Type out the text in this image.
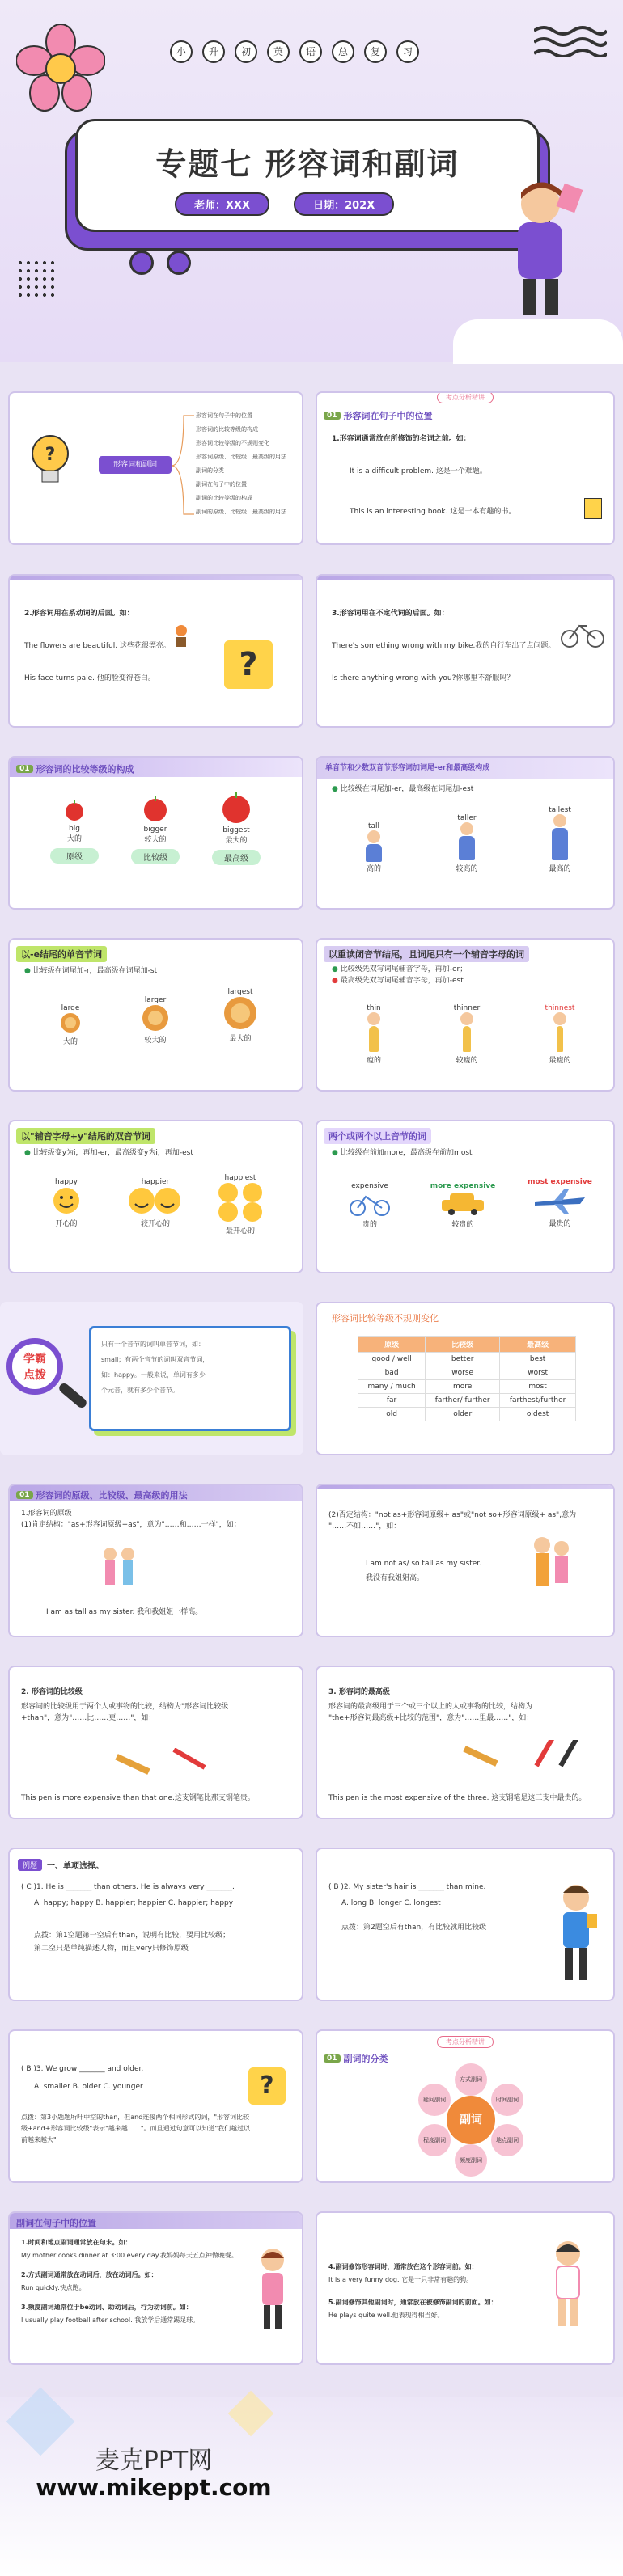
小	升	初	英	语	总	复	习
专题七 形容词和副词
老师：XXX	日期：202X
?	形容词和副词
形容词在句子中的位置
形容词的比较等级的构成
形容词比较等级的不规则变化
形容词原级、比较级、最高级的用法
副词的分类
副词在句子中的位置
副词的比较等级的构成
副词的原级、比较级、最高级的用法
考点分析精讲
01 形容词在句子中的位置

1.形容词通常放在所修饰的名词之前。如：

It is a difficult problem. 这是一个难题。

This is an interesting book. 这是一本有趣的书。

2.形容词用在系动词的后面。如：

The flowers are beautiful. 这些花很漂亮。

His face turns pale. 他的脸变得苍白。	?

3.形容词用在不定代词的后面。如：

There's something wrong with my bike.我的自行车出了点问题。

Is there anything wrong with you?你哪里不舒服吗？

01 形容词的比较等级的构成
big
大的
原级
bigger
较大的
比较级
biggest
最大的
最高级
单音节和少数双音节形容词加词尾-er和最高级构成

● 比较级在词尾加-er，最高级在词尾加-est

tall
高的
taller
较高的
tallest
最高的
以-e结尾的单音节词

● 比较级在词尾加-r，最高级在词尾加-st

large
大的
larger
较大的
largest
最大的
以重读闭音节结尾，且词尾只有一个辅音字母的词

● 比较级先双写词尾辅音字母，再加-er；

● 最高级先双写词尾辅音字母，再加-est

thin
瘦的
thinner
较瘦的
thinnest
最瘦的
以"辅音字母+y"结尾的双音节词

● 比较级变y为i，再加-er，最高级变y为i，再加-est

happy
开心的
happier
较开心的
happiest
最开心的
两个或两个以上音节的词

● 比较级在前加more，最高级在前加most

expensive
贵的
more expensive
较贵的
most expensive
最贵的
学霸
点拨
只有一个音节的词叫单音节词，如：
small；有两个音节的词叫双音节词，
如：happy。一般来说，单词有多少
个元音，就有多少个音节。
形容词比较等级不规则变化
原级	比较级	最高级
good / well	better	best
bad	worse	worst
many / much	more	most
far	farther/ further	farthest/further
old	older	oldest
01 形容词的原级、比较级、最高级的用法

1.形容词的原级

(1)肯定结构："as+形容词原级+as"，意为"……和……一样"，如：

I am as tall as my sister. 我和我姐姐一样高。

(2)否定结构："not as+形容词原级+ as"或"not so+形容词原级+ as",意为

"……不如……"，如：

I am not as/ so tall as my sister.

我没有我姐姐高。

2. 形容词的比较级

形容词的比较级用于两个人或事物的比较，结构为"形容词比较级

+than"，意为"……比……更……"，如：

This pen is more expensive than that one.这支钢笔比那支钢笔贵。

3. 形容词的最高级

形容词的最高级用于三个或三个以上的人或事物的比较，结构为

"the+形容词最高级+比较的范围"，意为"……里最……"，如：

This pen is the most expensive of the three. 这支钢笔是这三支中最贵的。

例题	一、单项选择。

( C )1. He is _______ than others. He is always very _______.

A. happy; happy B. happier; happier C. happier; happy

点拨：第1空题第一空后有than，说明有比较，要用比较级；

第二空只是单纯描述人物，而且very只修饰原级

( B )2. My sister's hair is _______ than mine.

A. long B. longer C. longest

点拨：第2题空后有than，有比较就用比较级

( B )3. We grow _______ and older.

A. smaller B. older C. younger	?

点拨：第3小题题所叶中空的than，但and连接两个相同形式的词，"形容词比较

级+and+形容词比较级"表示"越来越……"。而且通过句意可以知道"我们越过以

前越来越大"

考点分析精讲
01 副词的分类
方式副词
时间副词
地点副词
频度副词
程度副词
疑问副词
副词
副词在句子中的位置

1.时间和地点副词通常放在句末。如：

My mother cooks dinner at 3:00 every day.我妈妈每天五点钟做晚餐。

2.方式副词通常放在动词后，放在动词后。如：

Run quickly.快点跑。

3.频度副词通常位于be动词、助动词后，行为动词前。如：

I usually play football after school. 我放学后通常踢足球。

4.副词修饰形容词时，通常放在这个形容词前。如：

It is a very funny dog. 它是一只非常有趣的狗。

5.副词修饰其他副词时，通常放在被修饰副词的前面。如：

He plays quite well.他表现得相当好。

麦克PPT网
www.mikeppt.com
